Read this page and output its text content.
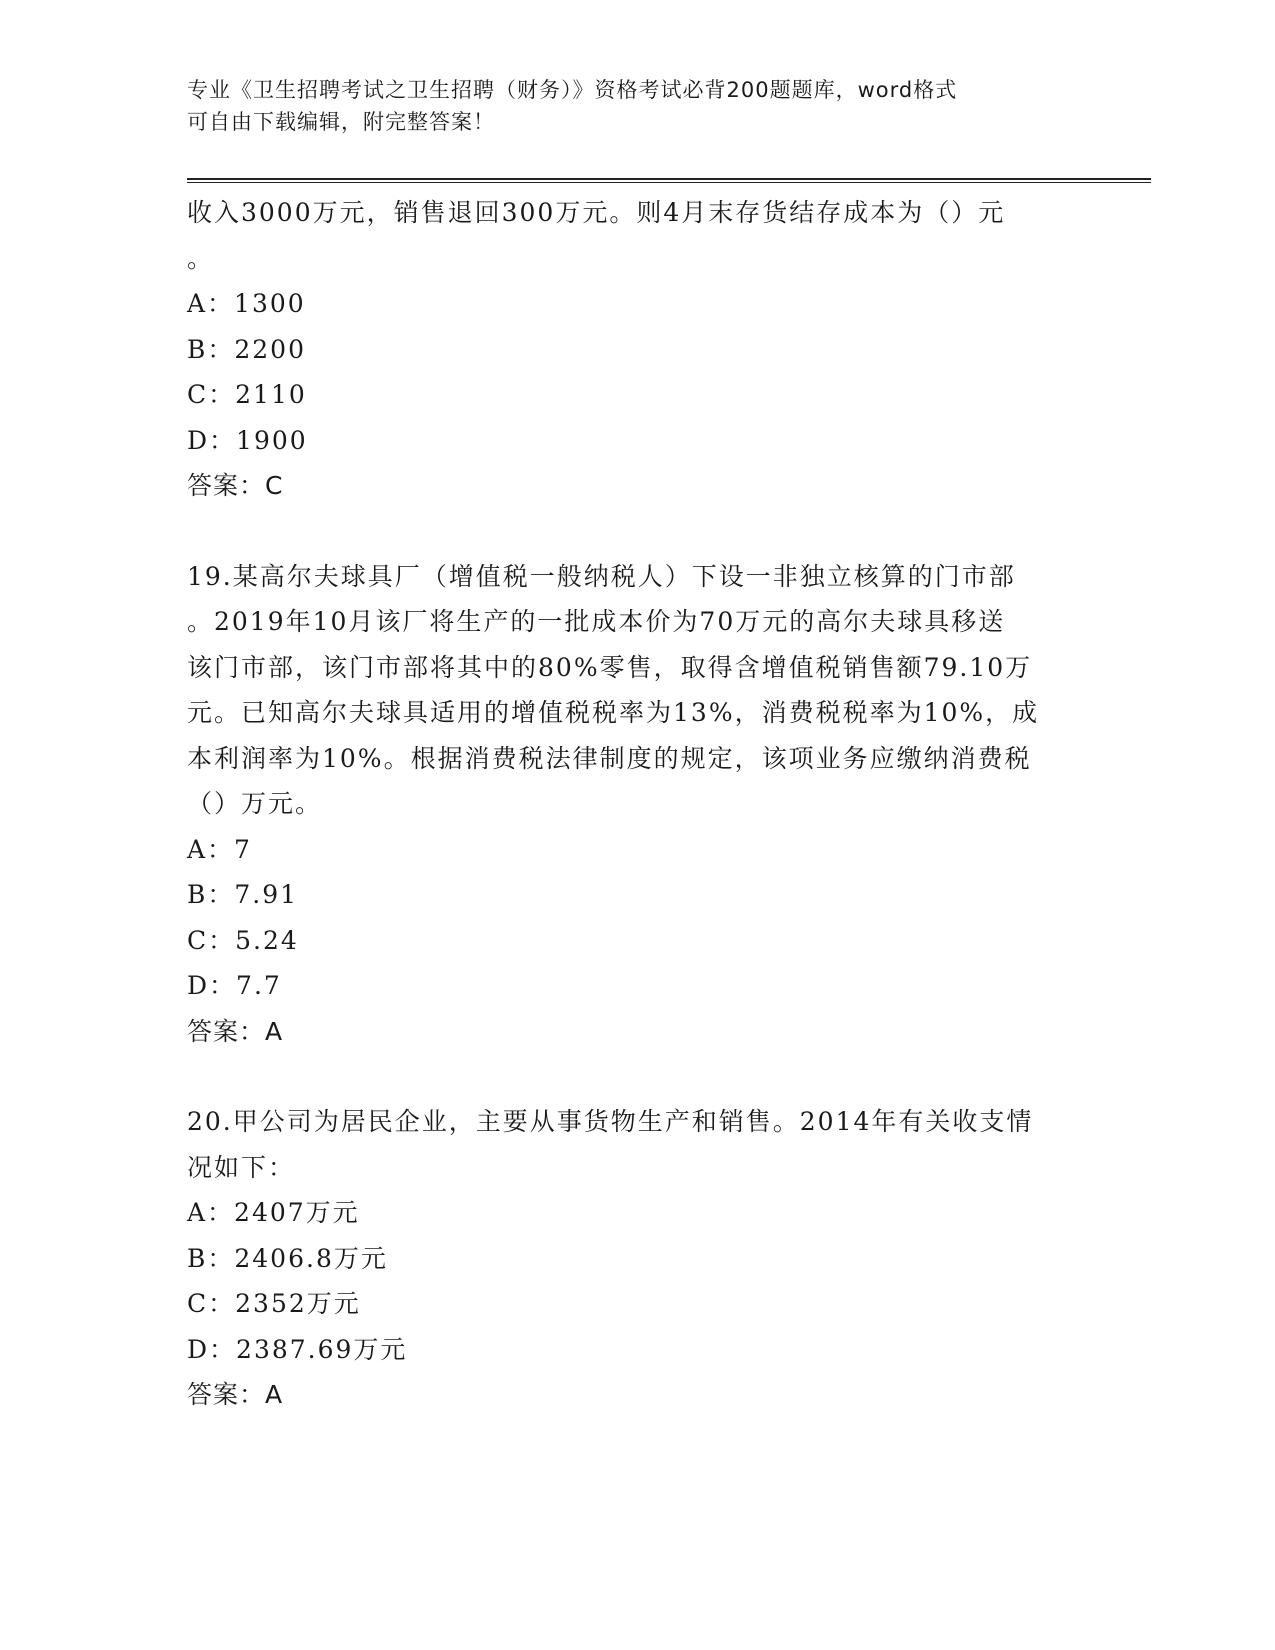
专业《卫生招聘考试之卫生招聘（财务）》资格考试必背200题题库，word格式
可自由下载编辑，附完整答案！
收入3000万元，销售退回300万元。则4月末存货结存成本为（）元
。
A：1300
B：2200
C：2110
D：1900
答案：C
19.某高尔夫球具厂（增值税一般纳税人）下设一非独立核算的门市部
。2019年10月该厂将生产的一批成本价为70万元的高尔夫球具移送
该门市部，该门市部将其中的80%零售，取得含增值税销售额79.10万
元。已知高尔夫球具适用的增值税税率为13%，消费税税率为10%，成
本利润率为10%。根据消费税法律制度的规定，该项业务应缴纳消费税
（）万元。
A：7
B：7.91
C：5.24
D：7.7
答案：A
20.甲公司为居民企业，主要从事货物生产和销售。2014年有关收支情
况如下：
A：2407万元
B：2406.8万元
C：2352万元
D：2387.69万元
答案：A
